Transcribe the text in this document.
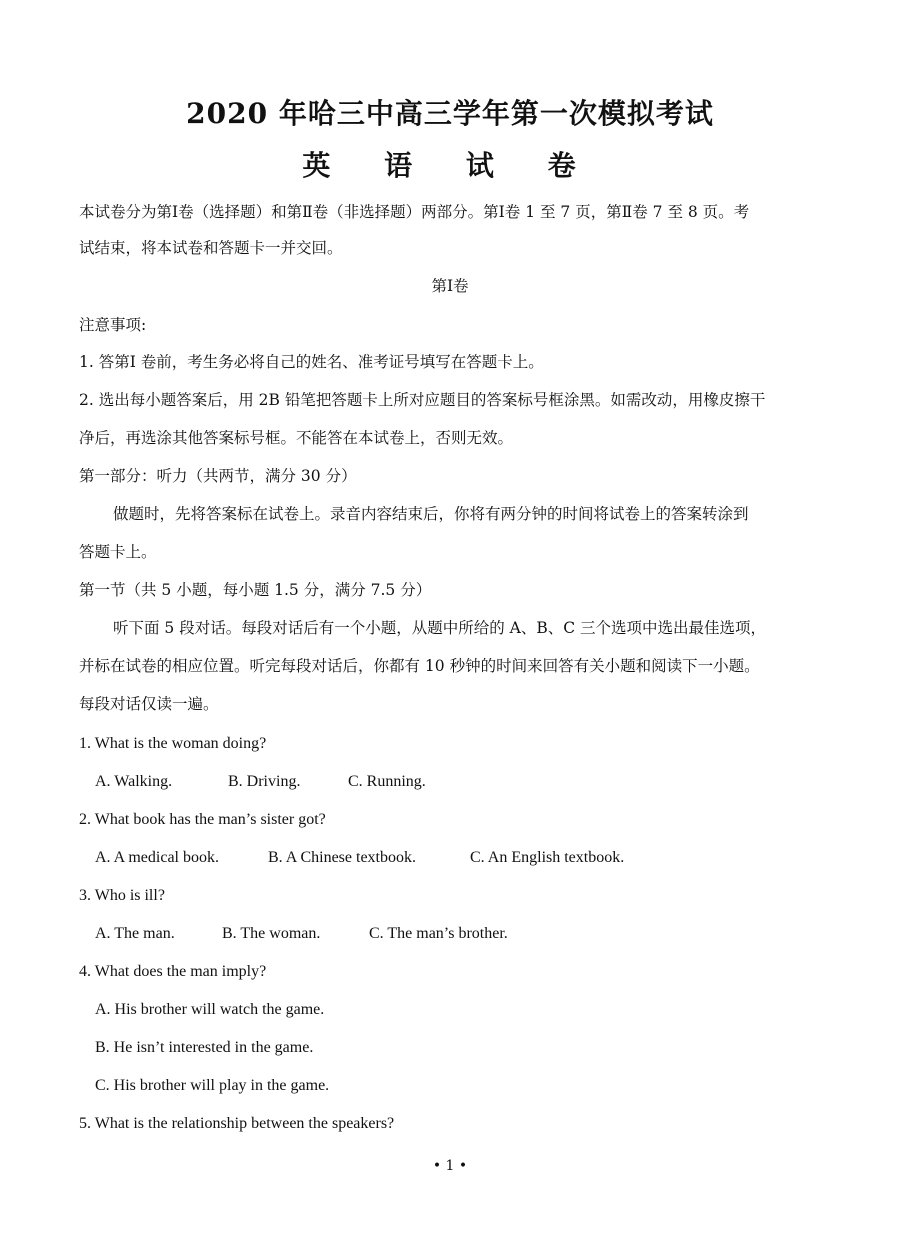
2020 年哈三中高三学年第一次模拟考试
英 语 试 卷
本试卷分为第Ⅰ卷（选择题）和第Ⅱ卷（非选择题）两部分。第Ⅰ卷 1 至 7 页，第Ⅱ卷 7 至 8 页。考
试结束，将本试卷和答题卡一并交回。
第Ⅰ卷
注意事项:
1. 答第Ⅰ 卷前，考生务必将自己的姓名、准考证号填写在答题卡上。
2. 选出每小题答案后，用 2B 铅笔把答题卡上所对应题目的答案标号框涂黑。如需改动，用橡皮擦干
净后，再选涂其他答案标号框。不能答在本试卷上，否则无效。
第一部分：听力（共两节，满分 30 分）
做题时，先将答案标在试卷上。录音内容结束后，你将有两分钟的时间将试卷上的答案转涂到
答题卡上。
第一节（共 5 小题，每小题 1.5 分，满分 7.5 分）
听下面 5 段对话。每段对话后有一个小题，从题中所给的 A、B、C 三个选项中选出最佳选项，
并标在试卷的相应位置。听完每段对话后，你都有 10 秒钟的时间来回答有关小题和阅读下一小题。
每段对话仅读一遍。
1. What is the woman doing?
A. Walking.	B. Driving.	C. Running.
2. What book has the man’s sister got?
A. A medical book.	B. A Chinese textbook.	C. An English textbook.
3. Who is ill?
A. The man.	B. The woman.	C. The man’s brother.
4. What does the man imply?
A. His brother will watch the game.
B. He isn’t interested in the game.
C. His brother will play in the game.
5. What is the relationship between the speakers?
• 1 •
